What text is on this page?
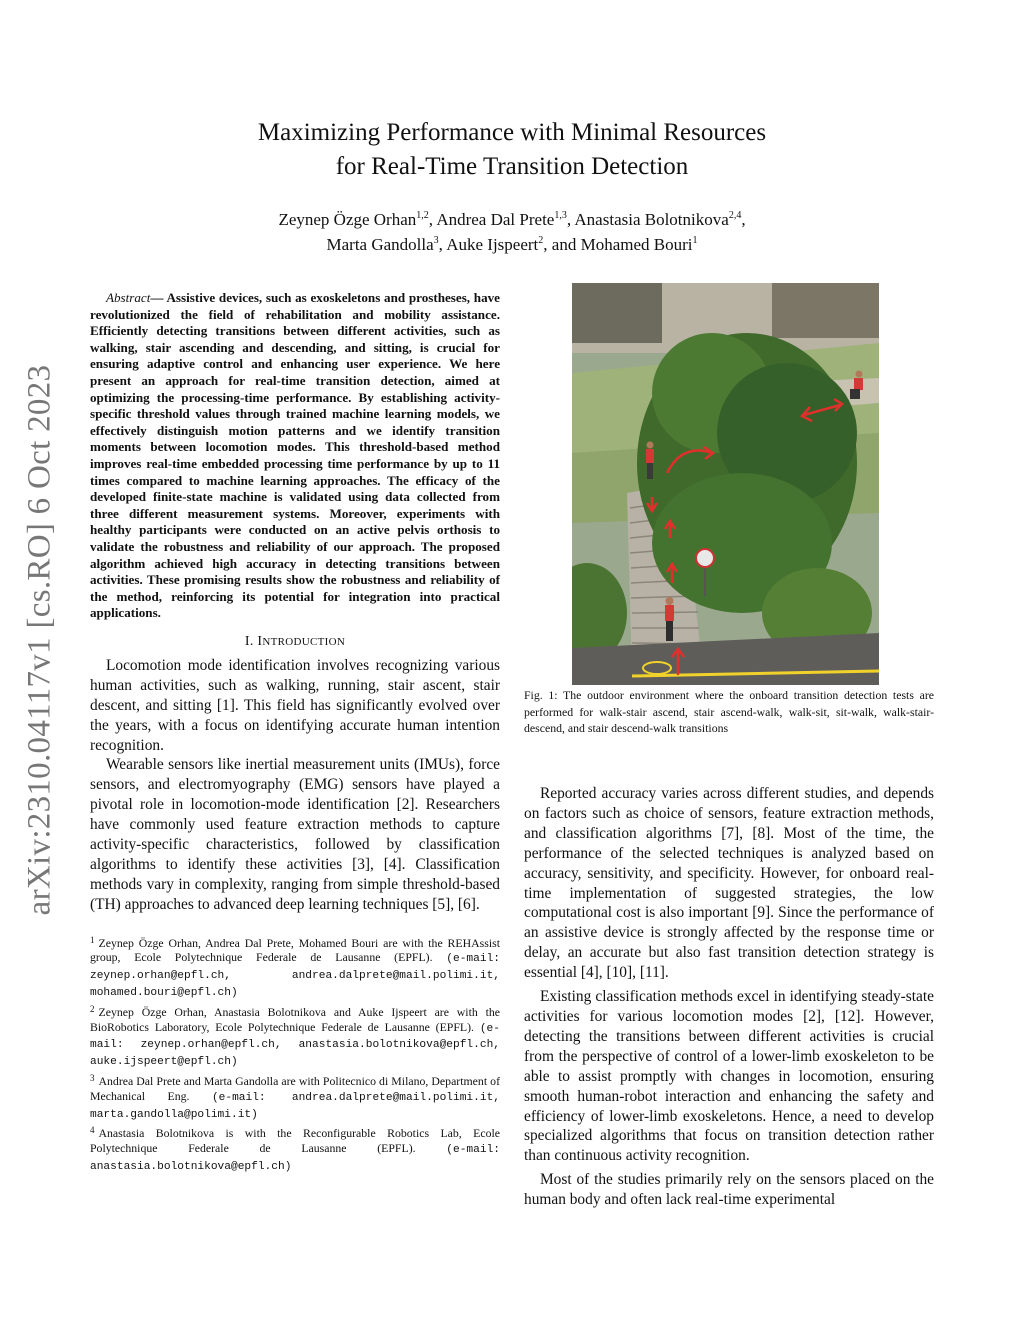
arXiv:2310.04117v1 [cs.RO] 6 Oct 2023
Maximizing Performance with Minimal Resources
for Real-Time Transition Detection
Zeynep Özge Orhan$^{1,2}$, Andrea Dal Prete$^{1,3}$, Anastasia Bolotnikova$^{2,4}$,
Marta Gandolla$^3$, Auke Ijspeert$^2$, and Mohamed Bouri$^1$

Abstract— Assistive devices, such as exoskeletons and prostheses, have revolutionized the field of rehabilitation and mobility assistance. Efficiently detecting transitions between different activities, such as walking, stair ascending and descending, and sitting, is crucial for ensuring adaptive control and enhancing user experience. We here present an approach for real-time transition detection, aimed at optimizing the processing-time performance. By establishing activity-specific threshold values through trained machine learning models, we effectively distinguish motion patterns and we identify transition moments between locomotion modes. This threshold-based method improves real-time embedded processing time performance by up to 11 times compared to machine learning approaches. The efficacy of the developed finite-state machine is validated using data collected from three different measurement systems. Moreover, experiments with healthy participants were conducted on an active pelvis orthosis to validate the robustness and reliability of our approach. The proposed algorithm achieved high accuracy in detecting transitions between activities. These promising results show the robustness and reliability of the method, reinforcing its potential for integration into practical applications.

I. INTRODUCTION

Locomotion mode identification involves recognizing various human activities, such as walking, running, stair ascent, stair descent, and sitting [1]. This field has significantly evolved over the years, with a focus on identifying accurate human intention recognition.

Wearable sensors like inertial measurement units (IMUs), force sensors, and electromyography (EMG) sensors have played a pivotal role in locomotion-mode identification [2]. Researchers have commonly used feature extraction methods to capture activity-specific characteristics, followed by classification algorithms to identify these activities [3], [4]. Classification methods vary in complexity, ranging from simple threshold-based (TH) approaches to advanced deep learning techniques [5], [6].

$^1$ Zeynep Özge Orhan, Andrea Dal Prete, Mohamed Bouri are with the REHAssist group, Ecole Polytechnique Federale de Lausanne (EPFL). (e-mail: zeynep.orhan@epfl.ch, andrea.dalprete@mail.polimi.it, mohamed.bouri@epfl.ch)

$^2$ Zeynep Özge Orhan, Anastasia Bolotnikova and Auke Ijspeert are with the BioRobotics Laboratory, Ecole Polytechnique Federale de Lausanne (EPFL). (e-mail: zeynep.orhan@epfl.ch, anastasia.bolotnikova@epfl.ch, auke.ijspeert@epfl.ch)

$^3$ Andrea Dal Prete and Marta Gandolla are with Politecnico di Milano, Department of Mechanical Eng. (e-mail: andrea.dalprete@mail.polimi.it, marta.gandolla@polimi.it)

$^4$ Anastasia Bolotnikova is with the Reconfigurable Robotics Lab, Ecole Polytechnique Federale de Lausanne (EPFL).	(e-mail: anastasia.bolotnikova@epfl.ch)

Fig. 1: The outdoor environment where the onboard transition detection tests are performed for walk-stair ascend, stair ascend-walk, walk-sit, sit-walk, walk-stair-descend, and stair descend-walk transitions

Reported accuracy varies across different studies, and depends on factors such as choice of sensors, feature extraction methods, and classification algorithms [7], [8]. Most of the time, the performance of the selected techniques is analyzed based on accuracy, sensitivity, and specificity. However, for onboard real-time implementation of suggested strategies, the low computational cost is also important [9]. Since the performance of an assistive device is strongly affected by the response time or delay, an accurate but also fast transition detection strategy is essential [4], [10], [11].

Existing classification methods excel in identifying steady-state activities for various locomotion modes [2], [12]. However, detecting the transitions between different activities is crucial from the perspective of control of a lower-limb exoskeleton to be able to assist promptly with changes in locomotion, ensuring smooth human-robot interaction and enhancing the safety and efficiency of lower-limb exoskeletons. Hence, a need to develop specialized algorithms that focus on transition detection rather than continuous activity recognition.

Most of the studies primarily rely on the sensors placed on the human body and often lack real-time experimental
